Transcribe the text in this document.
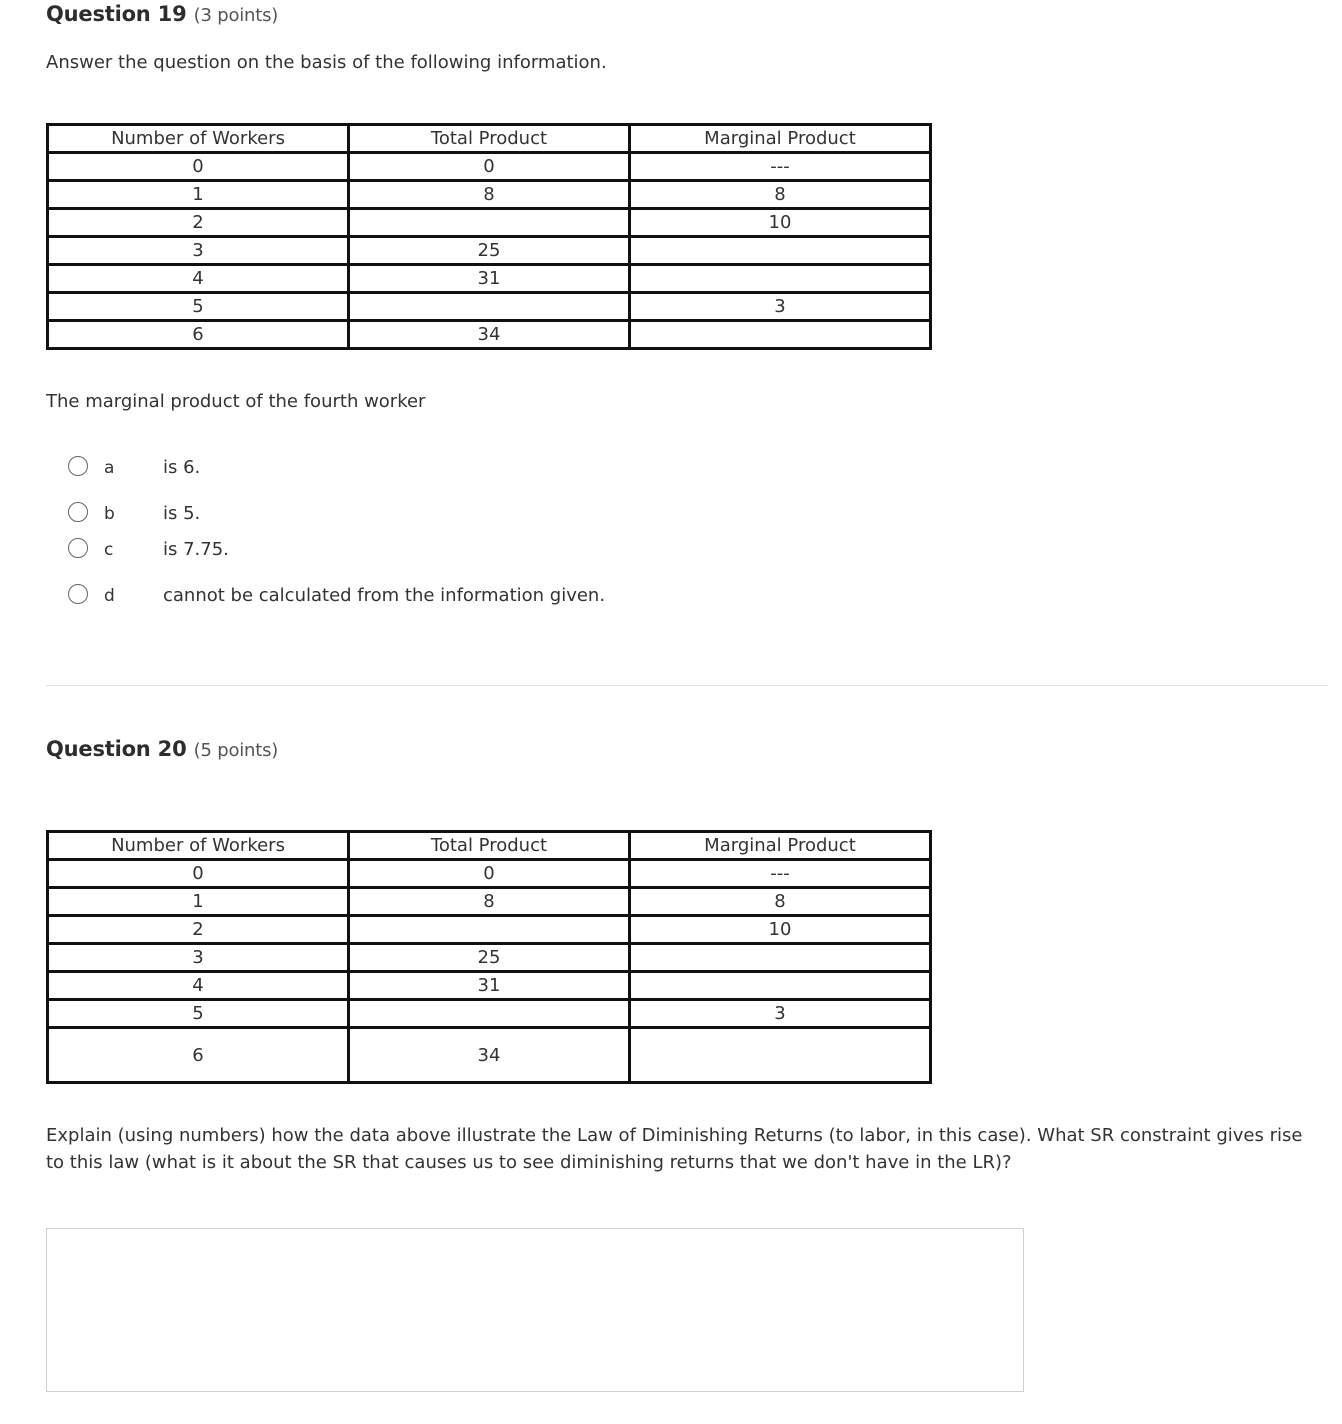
Question 19 (3 points)
Answer the question on the basis of the following information.
Number of Workers	Total Product	Marginal Product
0	0	---
1	8	8
2		10
3	25	
4	31	
5		3
6	34	
The marginal product of the fourth worker
a	is 6.
b	is 5.
c	is 7.75.
d	cannot be calculated from the information given.
Question 20 (5 points)
Number of Workers	Total Product	Marginal Product
0	0	---
1	8	8
2		10
3	25	
4	31	
5		3
6	34	
Explain (using numbers) how the data above illustrate the Law of Diminishing Returns (to labor, in this case). What SR constraint gives rise to this law (what is it about the SR that causes us to see diminishing returns that we don't have in the LR)?
